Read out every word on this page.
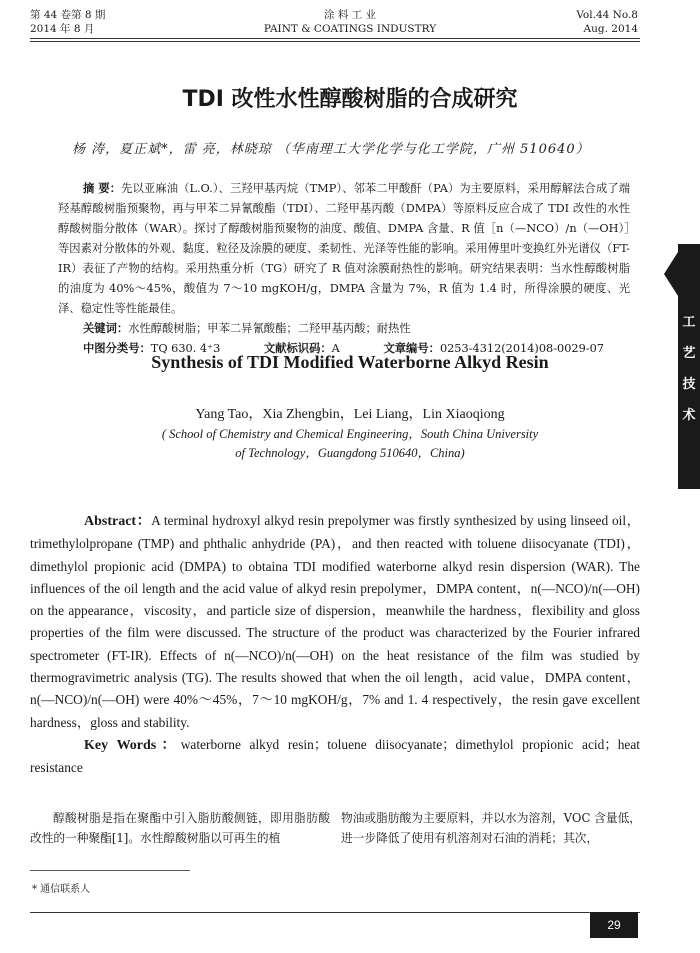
第 44 卷第 8 期
2014 年 8 月
涂 料 工 业
PAINT & COATINGS INDUSTRY
Vol.44 No.8
Aug. 2014
TDI 改性水性醇酸树脂的合成研究
杨 涛，夏正斌*，雷 亮，林晓琼 （华南理工大学化学与化工学院，广州 510640）

摘 要：先以亚麻油（L.O.）、三羟甲基丙烷（TMP）、邻苯二甲酸酐（PA）为主要原料，采用醇解法合成了端羟基醇酸树脂预聚物，再与甲苯二异氰酸酯（TDI）、二羟甲基丙酸（DMPA）等原料反应合成了 TDI 改性的水性醇酸树脂分散体（WAR）。探讨了醇酸树脂预聚物的油度、酸值、DMPA 含量、R 值［n（—NCO）/n（—OH）］等因素对分散体的外观、黏度、粒径及涂膜的硬度、柔韧性、光泽等性能的影响。采用傅里叶变换红外光谱仪（FT-IR）表征了产物的结构。采用热重分析（TG）研究了 R 值对涂膜耐热性的影响。研究结果表明：当水性醇酸树脂的油度为 40%～45%，酸值为 7～10 mgKOH/g，DMPA 含量为 7%，R 值为 1.4 时，所得涂膜的硬度、光泽、稳定性等性能最佳。

关键词：水性醇酸树脂；甲苯二异氰酸酯；二羟甲基丙酸；耐热性

中图分类号：TQ 630. 4⁺3	文献标识码：A	文章编号：0253-4312(2014)08-0029-07
工
艺
技
术
Synthesis of TDI Modified Waterborne Alkyd Resin
Yang Tao，Xia Zhengbin，Lei Liang，Lin Xiaoqiong
( School of Chemistry and Chemical Engineering，South China University
of Technology，Guangdong 510640，China)

Abstract：A terminal hydroxyl alkyd resin prepolymer was firstly synthesized by using linseed oil，trimethylolpropane (TMP) and phthalic anhydride (PA)，and then reacted with toluene diisocyanate (TDI)，dimethylol propionic acid (DMPA) to obtaina TDI modified waterborne alkyd resin dispersion (WAR). The influences of the oil length and the acid value of alkyd resin prepolymer，DMPA content，n(—NCO)/n(—OH) on the appearance，viscosity，and particle size of dispersion，meanwhile the hardness，flexibility and gloss properties of the film were discussed. The structure of the product was characterized by the Fourier infrared spectrometer (FT-IR). Effects of n(—NCO)/n(—OH) on the heat resistance of the film was studied by thermogravimetric analysis (TG). The results showed that when the oil length，acid value，DMPA content，n(—NCO)/n(—OH) were 40%～45%，7～10 mgKOH/g，7% and 1. 4 respectively，the resin gave excellent hardness，gloss and stability.

Key Words：waterborne alkyd resin；toluene diisocyanate；dimethylol propionic acid；heat resistance

醇酸树脂是指在聚酯中引入脂肪酸侧链，即用脂肪酸改性的一种聚酯[1]。水性醇酸树脂以可再生的植

物油或脂肪酸为主要原料，并以水为溶剂，VOC 含量低，进一步降低了使用有机溶剂对石油的消耗；其次，

* 通信联系人
29
